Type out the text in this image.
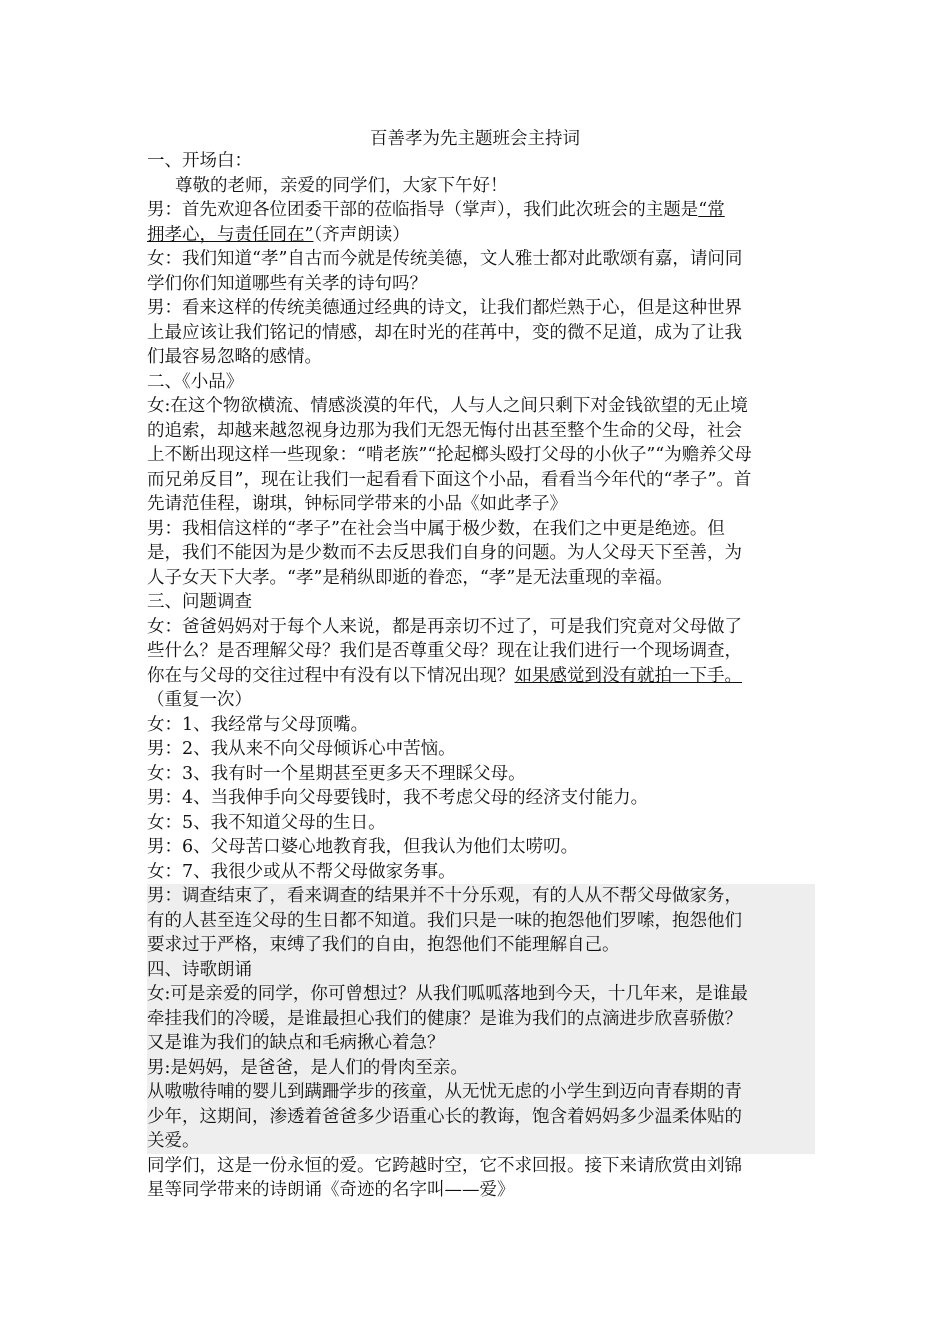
百善孝为先主题班会主持词

一、开场白：

尊敬的老师，亲爱的同学们，大家下午好！

男：首先欢迎各位团委干部的莅临指导（掌声），我们此次班会的主题是“常

拥孝心，与责任同在”（齐声朗读）

女：我们知道“孝”自古而今就是传统美德，文人雅士都对此歌颂有嘉，请问同

学们你们知道哪些有关孝的诗句吗？

男：看来这样的传统美德通过经典的诗文，让我们都烂熟于心，但是这种世界

上最应该让我们铭记的情感，却在时光的荏苒中，变的微不足道，成为了让我

们最容易忽略的感情。

二、《小品》

女:在这个物欲横流、情感淡漠的年代，人与人之间只剩下对金钱欲望的无止境

的追索，却越来越忽视身边那为我们无怨无悔付出甚至整个生命的父母，社会

上不断出现这样一些现象：“啃老族”“抡起榔头殴打父母的小伙子”“为赡养父母

而兄弟反目”，现在让我们一起看看下面这个小品，看看当今年代的“孝子”。首

先请范佳程，谢琪，钟标同学带来的小品《如此孝子》

男：我相信这样的“孝子”在社会当中属于极少数，在我们之中更是绝迹。但

是，我们不能因为是少数而不去反思我们自身的问题。为人父母天下至善，为

人子女天下大孝。“孝”是稍纵即逝的眷恋，“孝”是无法重现的幸福。

三、问题调查

女：爸爸妈妈对于每个人来说，都是再亲切不过了，可是我们究竟对父母做了

些什么？是否理解父母？我们是否尊重父母？现在让我们进行一个现场调查，

你在与父母的交往过程中有没有以下情况出现？如果感觉到没有就拍一下手。

（重复一次）

女：1、我经常与父母顶嘴。

男：2、我从来不向父母倾诉心中苦恼。

女：3、我有时一个星期甚至更多天不理睬父母。

男：4、当我伸手向父母要钱时，我不考虑父母的经济支付能力。

女：5、我不知道父母的生日。

男：6、父母苦口婆心地教育我，但我认为他们太唠叨。

女：7、我很少或从不帮父母做家务事。

男：调查结束了，看来调查的结果并不十分乐观，有的人从不帮父母做家务，

有的人甚至连父母的生日都不知道。我们只是一味的抱怨他们罗嗦，抱怨他们

要求过于严格，束缚了我们的自由，抱怨他们不能理解自己。

四、诗歌朗诵

女:可是亲爱的同学，你可曾想过？从我们呱呱落地到今天，十几年来，是谁最

牵挂我们的冷暖，是谁最担心我们的健康？是谁为我们的点滴进步欣喜骄傲？

又是谁为我们的缺点和毛病揪心着急？

男:是妈妈，是爸爸，是人们的骨肉至亲。

从嗷嗷待哺的婴儿到蹒跚学步的孩童，从无忧无虑的小学生到迈向青春期的青

少年，这期间，渗透着爸爸多少语重心长的教诲，饱含着妈妈多少温柔体贴的

关爱。

同学们，这是一份永恒的爱。它跨越时空，它不求回报。接下来请欣赏由刘锦

星等同学带来的诗朗诵《奇迹的名字叫——爱》
